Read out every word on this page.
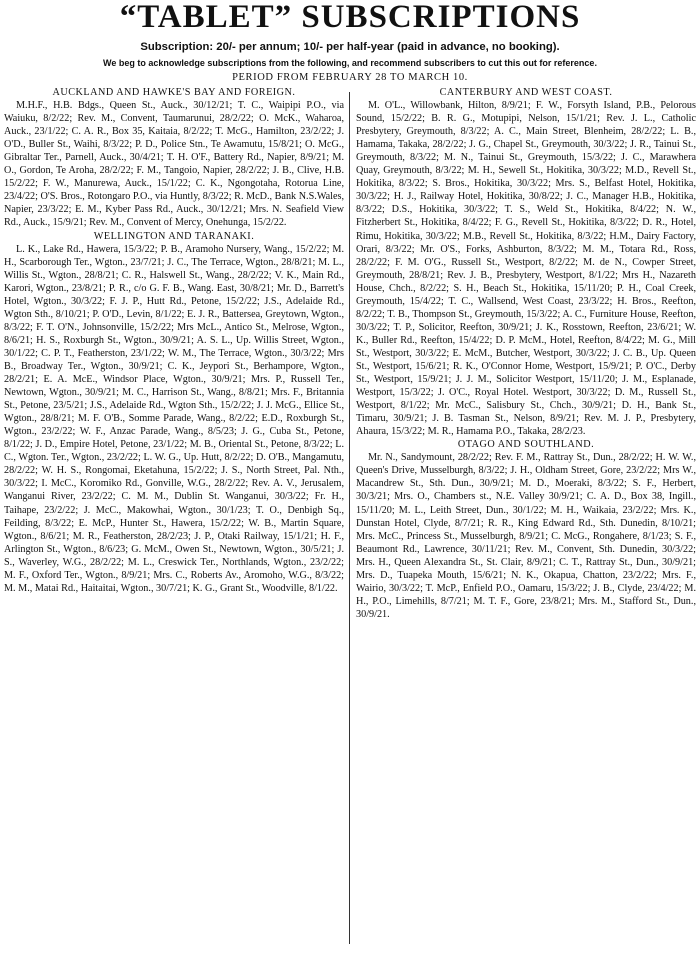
“TABLET” SUBSCRIPTIONS
Subscription: 20/- per annum; 10/- per half-year (paid in advance, no booking).
We beg to acknowledge subscriptions from the following, and recommend subscribers to cut this out for reference.
PERIOD FROM FEBRUARY 28 TO MARCH 10.

AUCKLAND AND HAWKE'S BAY AND FOREIGN.

M.H.F., H.B. Bdgs., Queen St., Auck., 30/12/21; T. C., Waipipi P.O., via Waiuku, 8/2/22; Rev. M., Convent, Taumarunui, 28/2/22; O. McK., Waharoa, Auck., 23/1/22; C. A. R., Box 35, Kaitaia, 8/2/22; T. McG., Hamilton, 23/2/22; J. O'D., Buller St., Waihi, 8/3/22; P. D., Police Stn., Te Awamutu, 15/8/21; O. McG., Gibraltar Ter., Parnell, Auck., 30/4/21; T. H. O'F., Battery Rd., Napier, 8/9/21; M. O., Gordon, Te Aroha, 28/2/22; F. M., Tangoio, Napier, 28/2/22; J. B., Clive, H.B. 15/2/22; F. W., Manurewa, Auck., 15/1/22; C. K., Ngongotaha, Rotorua Line, 23/4/22; O'S. Bros., Rotongaro P.O., via Huntly, 8/3/22; R. McD., Bank N.S.Wales, Napier, 23/3/22; E. M., Kyber Pass Rd., Auck., 30/12/21; Mrs. N. Seafield View Rd., Auck., 15/9/21; Rev. M., Convent of Mercy, Onehunga, 15/2/22.

WELLINGTON AND TARANAKI.

L. K., Lake Rd., Hawera, 15/3/22; P. B., Aramoho Nursery, Wang., 15/2/22; M. H., Scarborough Ter., Wgton., 23/7/21; J. C., The Terrace, Wgton., 28/8/21; M. L., Willis St., Wgton., 28/8/21; C. R., Halswell St., Wang., 28/2/22; V. K., Main Rd., Karori, Wgton., 23/8/21; P. R., c/o G. F. B., Wang. East, 30/8/21; Mr. D., Barrett's Hotel, Wgton., 30/3/22; F. J. P., Hutt Rd., Petone, 15/2/22; J.S., Adelaide Rd., Wgton Sth., 8/10/21; P. O'D., Levin, 8/1/22; E. J. R., Battersea, Greytown, Wgton., 8/3/22; F. T. O'N., Johnsonville, 15/2/22; Mrs McL., Antico St., Melrose, Wgton., 8/6/21; H. S., Roxburgh St., Wgton., 30/9/21; A. S. L., Up. Willis Street, Wgton., 30/1/22; C. P. T., Featherston, 23/1/22; W. M., The Terrace, Wgton., 30/3/22; Mrs B., Broadway Ter., Wgton., 30/9/21; C. K., Jeypori St., Berhampore, Wgton., 28/2/21; E. A. McE., Windsor Place, Wgton., 30/9/21; Mrs. P., Russell Ter., Newtown, Wgton., 30/9/21; M. C., Harrison St., Wang., 8/8/21; Mrs. F., Britannia St., Petone, 23/5/21; J.S., Adelaide Rd., Wgton Sth., 15/2/22; J. J. McG., Ellice St., Wgton., 28/8/21; M. F. O'B., Somme Parade, Wang., 8/2/22; E.D., Roxburgh St., Wgton., 23/2/22; W. F., Anzac Parade, Wang., 8/5/23; J. G., Cuba St., Petone, 8/1/22; J. D., Empire Hotel, Petone, 23/1/22; M. B., Oriental St., Petone, 8/3/22; L. C., Wgton. Ter., Wgton., 23/2/22; L. W. G., Up. Hutt, 8/2/22; D. O'B., Mangamutu, 28/2/22; W. H. S., Rongomai, Eketahuna, 15/2/22; J. S., North Street, Pal. Nth., 30/3/22; I. McC., Koromiko Rd., Gonville, W.G., 28/2/22; Rev. A. V., Jerusalem, Wanganui River, 23/2/22; C. M. M., Dublin St. Wanganui, 30/3/22; Fr. H., Taihape, 23/2/22; J. McC., Makowhai, Wgton., 30/1/23; T. O., Denbigh Sq., Feilding, 8/3/22; E. McP., Hunter St., Hawera, 15/2/22; W. B., Martin Square, Wgton., 8/6/21; M. R., Featherston, 28/2/23; J. P., Otaki Railway, 15/1/21; H. F., Arlington St., Wgton., 8/6/23; G. McM., Owen St., Newtown, Wgton., 30/5/21; J. S., Waverley, W.G., 28/2/22; M. L., Creswick Ter., Northlands, Wgton., 23/2/22; M. F., Oxford Ter., Wgton., 8/9/21; Mrs. C., Roberts Av., Aromoho, W.G., 8/3/22; M. M., Matai Rd., Haitaitai, Wgton., 30/7/21; K. G., Grant St., Woodville, 8/1/22.

CANTERBURY AND WEST COAST.

M. O'L., Willowbank, Hilton, 8/9/21; F. W., Forsyth Island, P.B., Pelorous Sound, 15/2/22; B. R. G., Motupipi, Nelson, 15/1/21; Rev. J. L., Catholic Presbytery, Greymouth, 8/3/22; A. C., Main Street, Blenheim, 28/2/22; L. B., Hamama, Takaka, 28/2/22; J. G., Chapel St., Greymouth, 30/3/22; J. R., Tainui St., Greymouth, 8/3/22; M. N., Tainui St., Greymouth, 15/3/22; J. C., Marawhera Quay, Greymouth, 8/3/22; M. H., Sewell St., Hokitika, 30/3/22; M.D., Revell St., Hokitika, 8/3/22; S. Bros., Hokitika, 30/3/22; Mrs. S., Belfast Hotel, Hokitika, 30/3/22; H. J., Railway Hotel, Hokitika, 30/8/22; J. C., Manager H.B., Hokitika, 8/3/22; D.S., Hokitika, 30/3/22; T. S., Weld St., Hokitika, 8/4/22; N. W., Fitzherbert St., Hokitika, 8/4/22; F. G., Revell St., Hokitika, 8/3/22; D. R., Hotel, Rimu, Hokitika, 30/3/22; M.B., Revell St., Hokitika, 8/3/22; H.M., Dairy Factory, Orari, 8/3/22; Mr. O'S., Forks, Ashburton, 8/3/22; M. M., Totara Rd., Ross, 28/2/22; F. M. O'G., Russell St., Westport, 8/2/22; M. de N., Cowper Street, Greymouth, 28/8/21; Rev. J. B., Presbytery, Westport, 8/1/22; Mrs H., Nazareth House, Chch., 8/2/22; S. H., Beach St., Hokitika, 15/11/20; P. H., Coal Creek, Greymouth, 15/4/22; T. C., Wallsend, West Coast, 23/3/22; H. Bros., Reefton, 8/2/22; T. B., Thompson St., Greymouth, 15/3/22; A. C., Furniture House, Reefton, 30/3/22; T. P., Solicitor, Reefton, 30/9/21; J. K., Rosstown, Reefton, 23/6/21; W. K., Buller Rd., Reefton, 15/4/22; D. P. McM., Hotel, Reefton, 8/4/22; M. G., Mill St., Westport, 30/3/22; E. McM., Butcher, Westport, 30/3/22; J. C. B., Up. Queen St., Westport, 15/6/21; R. K., O'Connor Home, Westport, 15/9/21; P. O'C., Derby St., Westport, 15/9/21; J. J. M., Solicitor Westport, 15/11/20; J. M., Esplanade, Westport, 15/3/22; J. O'C., Royal Hotel. Westport, 30/3/22; D. M., Russell St., Westport, 8/1/22; Mr. McC., Salisbury St., Chch., 30/9/21; D. H., Bank St., Timaru, 30/9/21; J. B. Tasman St., Nelson, 8/9/21; Rev. M. J. P., Presbytery, Ahaura, 15/3/22; M. R., Hamama P.O., Takaka, 28/2/23.

OTAGO AND SOUTHLAND.

Mr. N., Sandymount, 28/2/22; Rev. F. M., Rattray St., Dun., 28/2/22; H. W. W., Queen's Drive, Musselburgh, 8/3/22; J. H., Oldham Street, Gore, 23/2/22; Mrs W., Macandrew St., Sth. Dun., 30/9/21; M. D., Moeraki, 8/3/22; S. F., Herbert, 30/3/21; Mrs. O., Chambers st., N.E. Valley 30/9/21; C. A. D., Box 38, Ingill., 15/11/20; M. L., Leith Street, Dun., 30/1/22; M. H., Waikaia, 23/2/22; Mrs. K., Dunstan Hotel, Clyde, 8/7/21; R. R., King Edward Rd., Sth. Dunedin, 8/10/21; Mrs. McC., Princess St., Musselburgh, 8/9/21; C. McG., Rongahere, 8/1/23; S. F., Beaumont Rd., Lawrence, 30/11/21; Rev. M., Convent, Sth. Dunedin, 30/3/22; Mrs. H., Queen Alexandra St., St. Clair, 8/9/21; C. T., Rattray St., Dun., 30/9/21; Mrs. D., Tuapeka Mouth, 15/6/21; N. K., Okapua, Chatton, 23/2/22; Mrs. F., Wairio, 30/3/22; T. McP., Enfield P.O., Oamaru, 15/3/22; J. B., Clyde, 23/4/22; M. H., P.O., Limehills, 8/7/21; M. T. F., Gore, 23/8/21; Mrs. M., Stafford St., Dun., 30/9/21.
